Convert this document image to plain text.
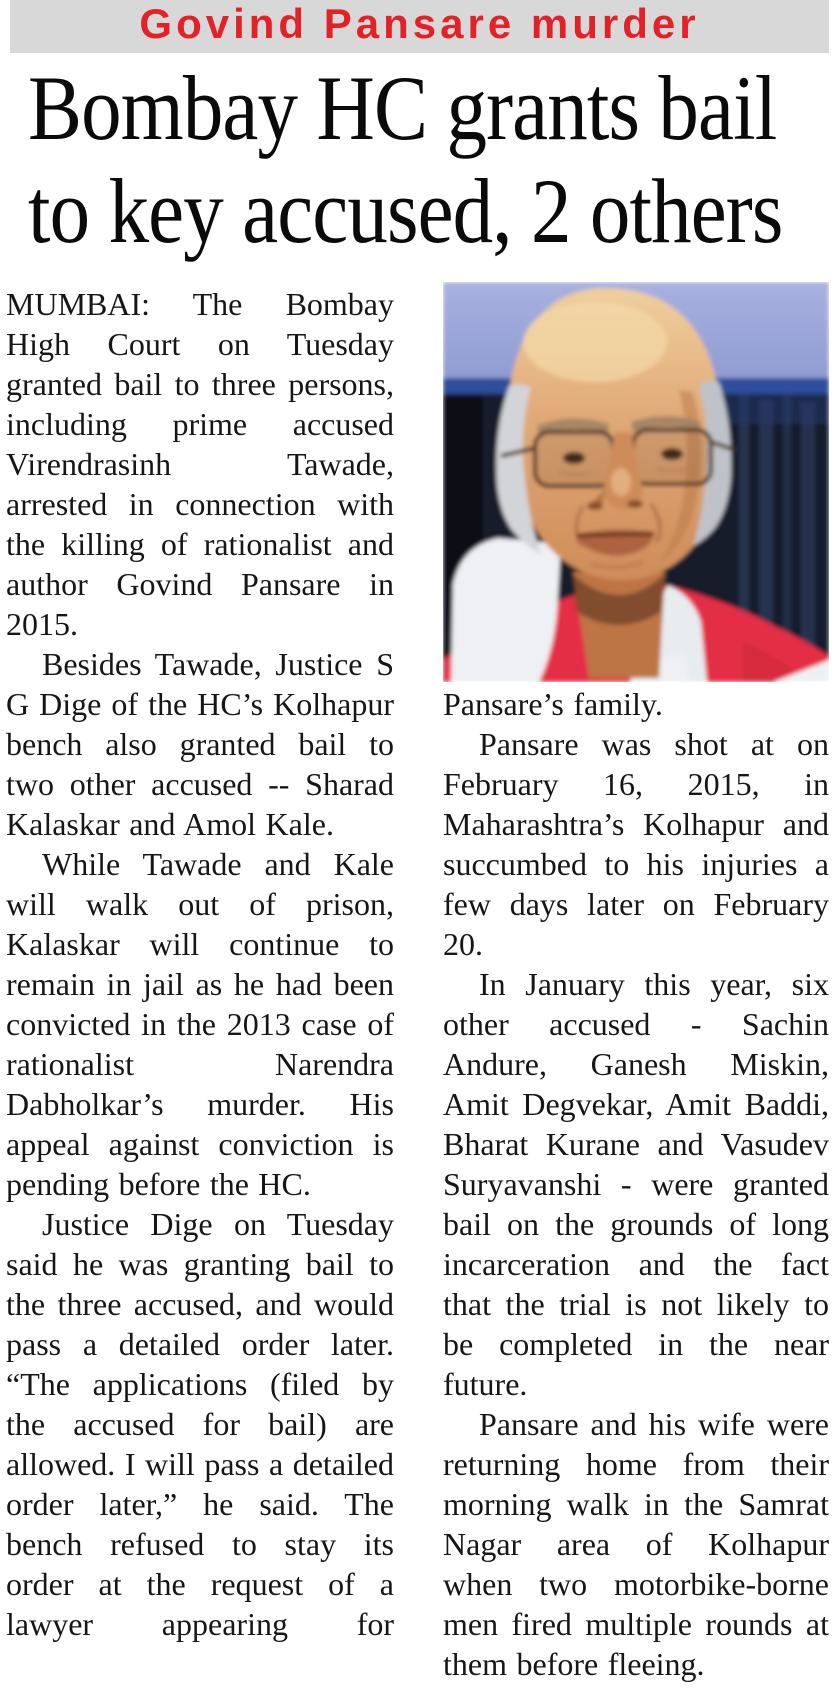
Govind Pansare murder
Bombay HC grants bail
to key accused, 2 others

MUMBAI: The Bombay High Court on Tuesday granted bail to three persons, including prime accused Virendrasinh Tawade, arrested in connection with the killing of rationalist and author Govind Pansare in 2015.

Besides Tawade, Justice S G Dige of the HC’s Kolhapur bench also granted bail to two other accused -- Sharad Kalaskar and Amol Kale.

While Tawade and Kale will walk out of prison, Kalaskar will continue to remain in jail as he had been convicted in the 2013 case of rationalist Narendra Dabholkar’s murder. His appeal against conviction is pending before the HC.

Justice Dige on Tuesday said he was granting bail to the three accused, and would pass a detailed order later. “The applications (filed by the accused for bail) are allowed. I will pass a detailed order later,” he said. The bench refused to stay its order at the request of a lawyer appearing for

Pansare’s family.

Pansare was shot at on February 16, 2015, in Maharashtra’s Kolhapur and succumbed to his injuries a few days later on February 20.

In January this year, six other accused - Sachin Andure, Ganesh Miskin, Amit Degvekar, Amit Baddi, Bharat Kurane and Vasudev Suryavanshi - were granted bail on the grounds of long incarceration and the fact that the trial is not likely to be completed in the near future.

Pansare and his wife were returning home from their morning walk in the Samrat Nagar area of Kolhapur when two motorbike-borne men fired multiple rounds at them before fleeing.
